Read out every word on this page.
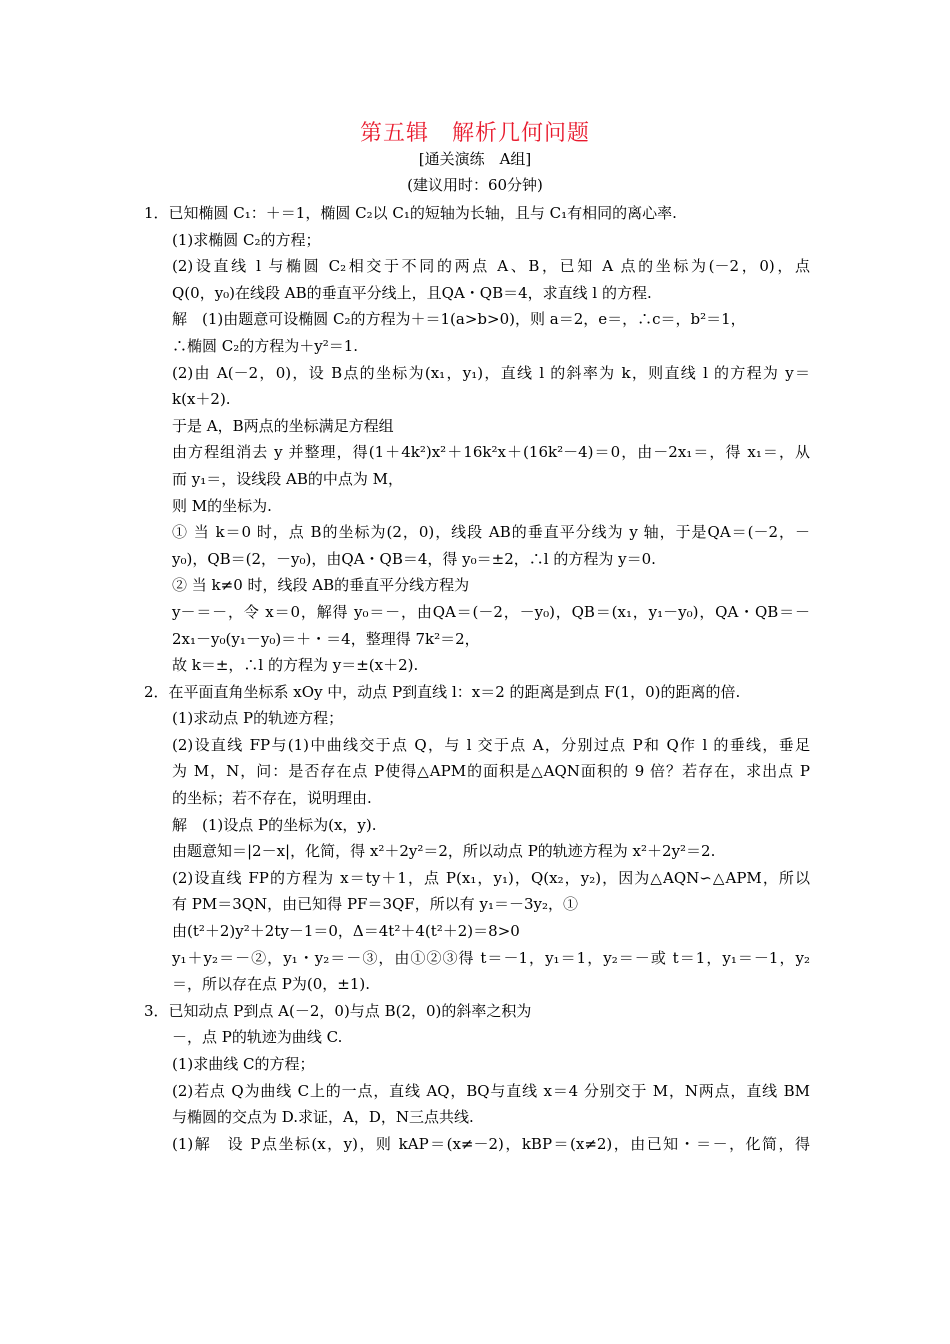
第五辑　解析几何问题
[通关演练　A组]
(建议用时：60分钟)
1．已知椭圆 C₁：＋＝1，椭圆 C₂以 C₁的短轴为长轴，且与 C₁有相同的离心率.
(1)求椭圆 C₂的方程；
(2)设直线 l 与椭圆 C₂相交于不同的两点 A、B，已知 A 点的坐标为(－2，0)，点
Q(0，y₀)在线段 AB的垂直平分线上，且QA・QB＝4，求直线 l 的方程.
解　(1)由题意可设椭圆 C₂的方程为＋＝1(a>b>0)，则 a＝2，e＝，∴c＝，b²＝1，
∴椭圆 C₂的方程为＋y²＝1.
(2)由 A(－2，0)，设 B点的坐标为(x₁，y₁)，直线 l 的斜率为 k，则直线 l 的方程为 y＝
k(x＋2).
于是 A，B两点的坐标满足方程组
由方程组消去 y 并整理，得(1＋4k²)x²＋16k²x＋(16k²－4)＝0，由－2x₁＝，得 x₁＝，从
而 y₁＝，设线段 AB的中点为 M，
则 M的坐标为.
① 当 k＝0 时，点 B的坐标为(2，0)，线段 AB的垂直平分线为 y 轴，于是QA＝(－2，－
y₀)，QB＝(2，－y₀)，由QA・QB＝4，得 y₀＝±2，∴l 的方程为 y＝0.
② 当 k≠0 时，线段 AB的垂直平分线方程为
y－＝－，令 x＝0，解得 y₀＝－，由QA＝(－2，－y₀)，QB＝(x₁，y₁－y₀)，QA・QB＝－
2x₁－y₀(y₁－y₀)＝＋・＝4，整理得 7k²＝2，
故 k＝±，∴l 的方程为 y＝±(x＋2).
2．在平面直角坐标系 xOy 中，动点 P到直线 l：x＝2 的距离是到点 F(1，0)的距离的倍.
(1)求动点 P的轨迹方程；
(2)设直线 FP与(1)中曲线交于点 Q，与 l 交于点 A，分别过点 P和 Q作 l 的垂线，垂足
为 M，N，问：是否存在点 P使得△APM的面积是△AQN面积的 9 倍？若存在，求出点 P
的坐标；若不存在，说明理由.
解　(1)设点 P的坐标为(x，y).
由题意知＝|2－x|，化简，得 x²＋2y²＝2，所以动点 P的轨迹方程为 x²＋2y²＝2.
(2)设直线 FP的方程为 x＝ty＋1，点 P(x₁，y₁)，Q(x₂，y₂)，因为△AQN∽△APM，所以
有 PM＝3QN，由已知得 PF＝3QF，所以有 y₁＝－3y₂，①
由(t²＋2)y²＋2ty－1＝0，Δ＝4t²＋4(t²＋2)＝8>0
y₁＋y₂＝－②，y₁・y₂＝－③，由①②③得 t＝－1，y₁＝1，y₂＝－或 t＝1，y₁＝－1，y₂
＝，所以存在点 P为(0，±1).
3．已知动点 P到点 A(－2，0)与点 B(2，0)的斜率之积为
－，点 P的轨迹为曲线 C.
(1)求曲线 C的方程；
(2)若点 Q为曲线 C上的一点，直线 AQ，BQ与直线 x＝4 分别交于 M，N两点，直线 BM
与椭圆的交点为 D.求证，A，D，N三点共线.
(1)解　设 P点坐标(x，y)，则 kAP＝(x≠－2)，kBP＝(x≠2)，由已知・＝－，化简，得
